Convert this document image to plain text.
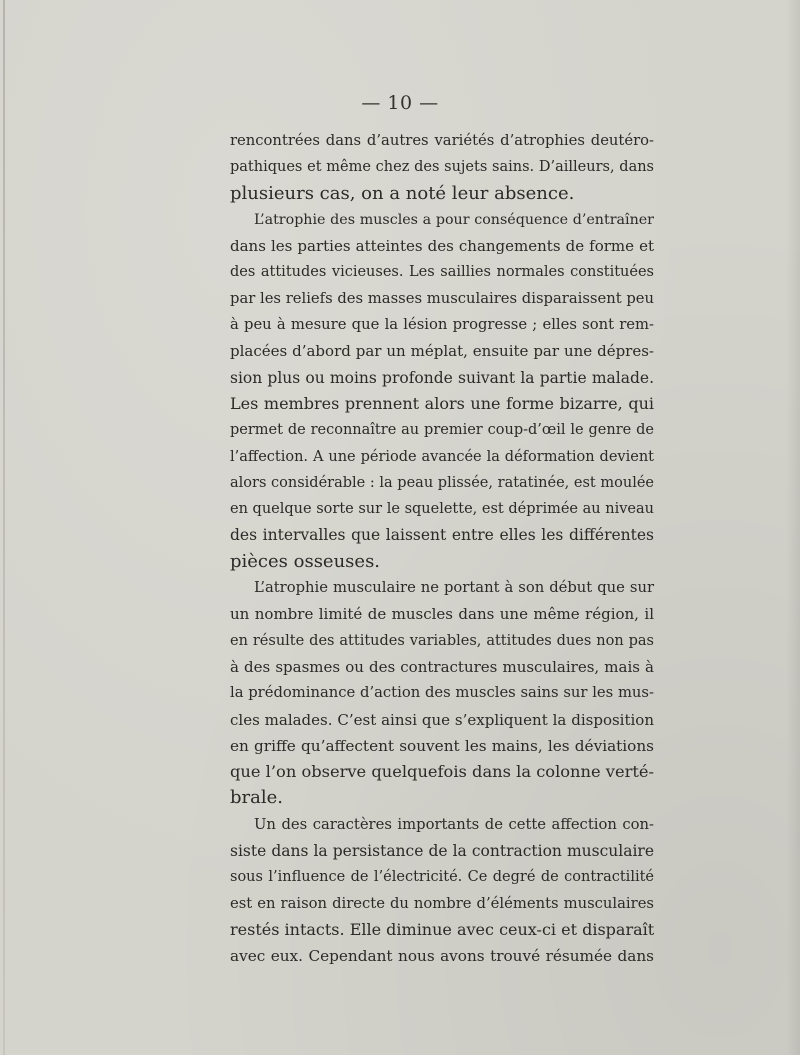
— 10 —
rencontrées dans d’autres variétés d’atrophies deutéro-
pathiques et même chez des sujets sains. D’ailleurs, dans
plusieurs cas, on a noté leur absence.
L’atrophie des muscles a pour conséquence d’entraîner
dans les parties atteintes des changements de forme et
des attitudes vicieuses. Les saillies normales constituées
par les reliefs des masses musculaires disparaissent peu
à peu à mesure que la lésion progresse ; elles sont rem-
placées d’abord par un méplat, ensuite par une dépres-
sion plus ou moins profonde suivant la partie malade.
Les membres prennent alors une forme bizarre, qui
permet de reconnaître au premier coup-d’œil le genre de
l’affection. A une période avancée la déformation devient
alors considérable : la peau plissée, ratatinée, est moulée
en quelque sorte sur le squelette, est déprimée au niveau
des intervalles que laissent entre elles les différentes
pièces osseuses.
L’atrophie musculaire ne portant à son début que sur
un nombre limité de muscles dans une même région, il
en résulte des attitudes variables, attitudes dues non pas
à des spasmes ou des contractures musculaires, mais à
la prédominance d’action des muscles sains sur les mus-
cles malades. C’est ainsi que s’expliquent la disposition
en griffe qu’affectent souvent les mains, les déviations
que l’on observe quelquefois dans la colonne verté-
brale.
Un des caractères importants de cette affection con-
siste dans la persistance de la contraction musculaire
sous l’influence de l’électricité. Ce degré de contractilité
est en raison directe du nombre d’éléments musculaires
restés intacts. Elle diminue avec ceux-ci et disparaît
avec eux. Cependant nous avons trouvé résumée dans
